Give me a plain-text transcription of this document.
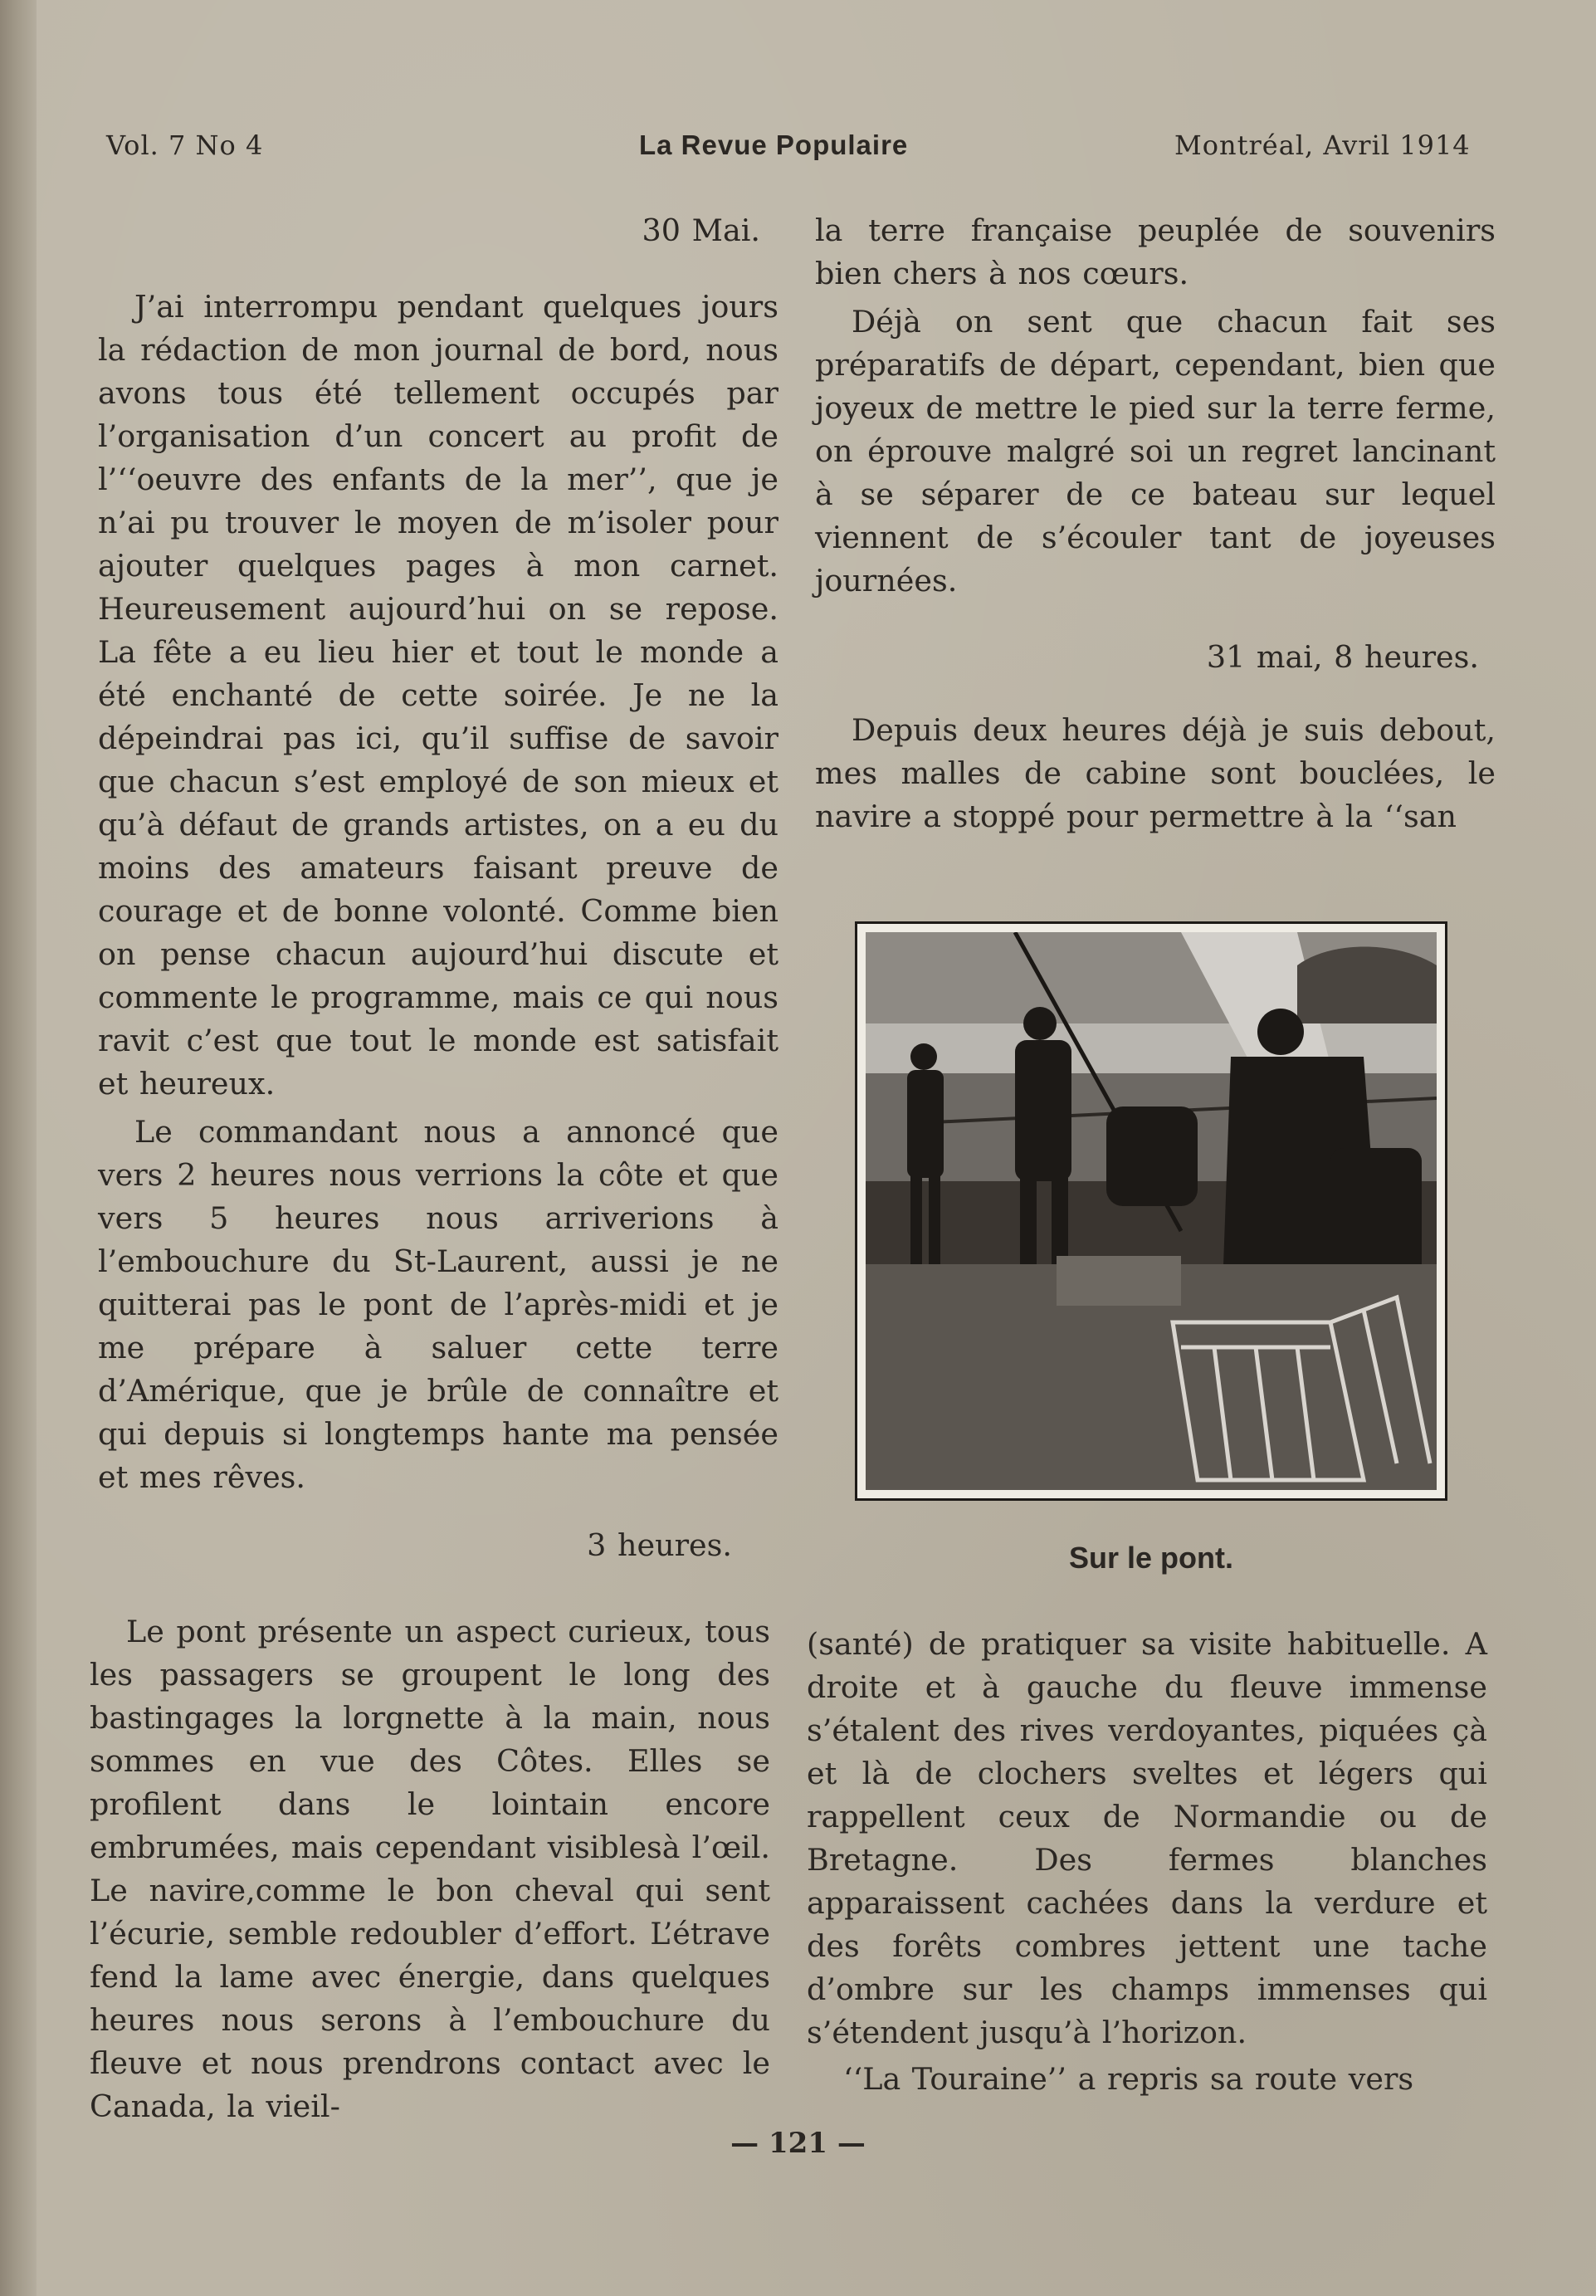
Vol. 7 No 4	La Revue Populaire	Montréal, Avril 1914

30 Mai.

J’ai interrompu pendant quelques jours la rédaction de mon journal de bord, nous avons tous été tellement occupés par l’organisation d’un concert au profit de l’‘‘oeuvre des enfants de la mer’’, que je n’ai pu trouver le moyen de m’isoler pour ajouter quelques pages à mon carnet. Heureusement aujourd’hui on se repose. La fête a eu lieu hier et tout le monde a été enchanté de cette soirée. Je ne la dépeindrai pas ici, qu’il suffise de savoir que chacun s’est employé de son mieux et qu’à défaut de grands artistes, on a eu du moins des amateurs faisant preuve de courage et de bonne volonté. Comme bien on pense chacun aujourd’hui discute et commente le programme, mais ce qui nous ravit c’est que tout le monde est satisfait et heureux.

Le commandant nous a annoncé que vers 2 heures nous verrions la côte et que vers 5 heures nous arriverions à l’embouchure du St-Laurent, aussi je ne quitterai pas le pont de l’après-midi et je me prépare à saluer cette terre d’Amérique, que je brûle de connaître et qui depuis si longtemps hante ma pensée et mes rêves.

3 heures.

Le pont présente un aspect curieux, tous les passagers se groupent le long des bastingages la lorgnette à la main, nous sommes en vue des Côtes. Elles se profilent dans le lointain encore embrumées, mais cependant visiblesà l’œil. Le navire,comme le bon cheval qui sent l’écurie, semble redoubler d’effort. L’étrave fend la lame avec énergie, dans quelques heures nous serons à l’embouchure du fleuve et nous prendrons contact avec le Canada, la vieil-

la terre française peuplée de souvenirs bien chers à nos cœurs.

Déjà on sent que chacun fait ses préparatifs de départ, cependant, bien que joyeux de mettre le pied sur la terre ferme, on éprouve malgré soi un regret lancinant à se séparer de ce bateau sur lequel viennent de s’écouler tant de joyeuses journées.

31 mai, 8 heures.

Depuis deux heures déjà je suis debout, mes malles de cabine sont bouclées, le navire a stoppé pour permettre à la ‘‘san

Sur le pont.

(santé) de pratiquer sa visite habituelle. A droite et à gauche du fleuve immense s’étalent des rives verdoyantes, piquées çà et là de clochers sveltes et légers qui rappellent ceux de Normandie ou de Bretagne. Des fermes blanches apparaissent cachées dans la verdure et des forêts combres jettent une tache d’ombre sur les champs immenses qui s’étendent jusqu’à l’horizon.

‘‘La Touraine’’ a repris sa route vers

— 121 —
